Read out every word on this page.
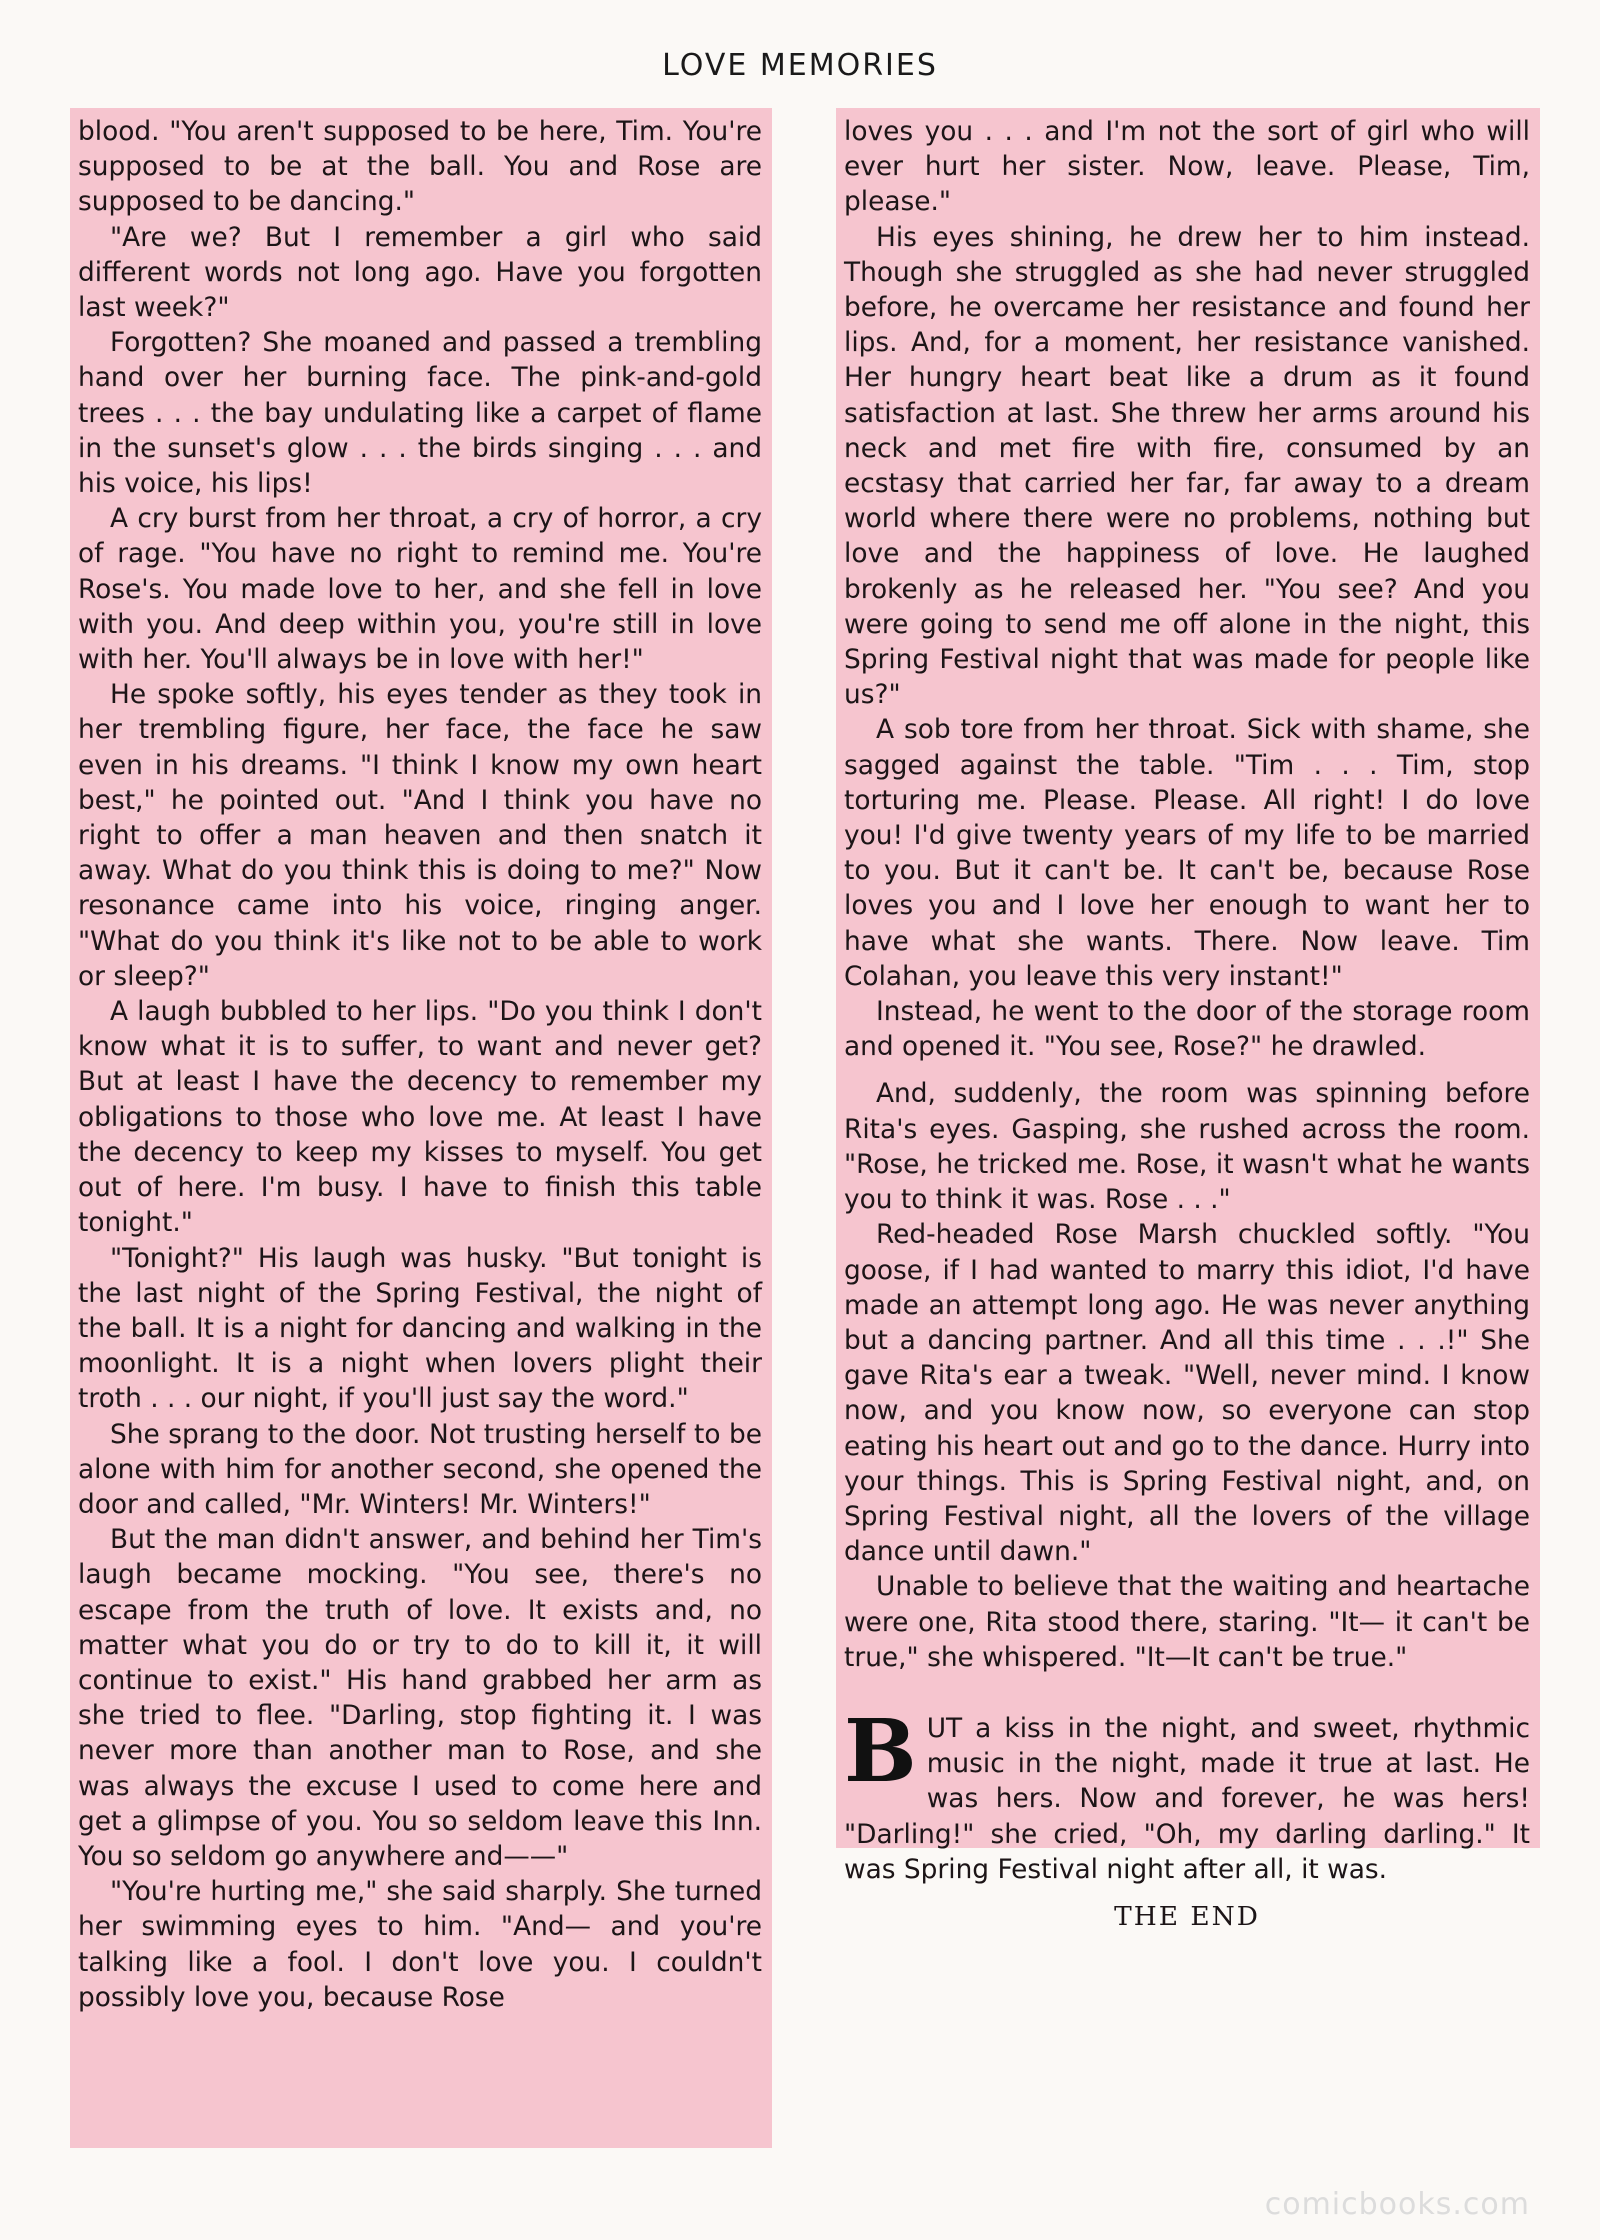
LOVE MEMORIES

blood. "You aren't supposed to be here, Tim. You're supposed to be at the ball. You and Rose are supposed to be dancing."

"Are we? But I remember a girl who said different words not long ago. Have you forgotten last week?"

Forgotten? She moaned and passed a trembling hand over her burning face. The pink-and-gold trees . . . the bay undulating like a carpet of flame in the sunset's glow . . . the birds singing . . . and his voice, his lips!

A cry burst from her throat, a cry of horror, a cry of rage. "You have no right to remind me. You're Rose's. You made love to her, and she fell in love with you. And deep within you, you're still in love with her. You'll always be in love with her!"

He spoke softly, his eyes tender as they took in her trembling figure, her face, the face he saw even in his dreams. "I think I know my own heart best," he pointed out. "And I think you have no right to offer a man heaven and then snatch it away. What do you think this is doing to me?" Now resonance came into his voice, ringing anger. "What do you think it's like not to be able to work or sleep?"

A laugh bubbled to her lips. "Do you think I don't know what it is to suffer, to want and never get? But at least I have the decency to remember my obligations to those who love me. At least I have the decency to keep my kisses to myself. You get out of here. I'm busy. I have to finish this table tonight."

"Tonight?" His laugh was husky. "But tonight is the last night of the Spring Festival, the night of the ball. It is a night for dancing and walking in the moonlight. It is a night when lovers plight their troth . . . our night, if you'll just say the word."

She sprang to the door. Not trusting herself to be alone with him for another second, she opened the door and called, "Mr. Winters! Mr. Winters!"

But the man didn't answer, and behind her Tim's laugh became mocking. "You see, there's no escape from the truth of love. It exists and, no matter what you do or try to do to kill it, it will continue to exist." His hand grabbed her arm as she tried to flee. "Darling, stop fighting it. I was never more than another man to Rose, and she was always the excuse I used to come here and get a glimpse of you. You so seldom leave this Inn. You so seldom go anywhere and——"

"You're hurting me," she said sharply. She turned her swimming eyes to him. "And— and you're talking like a fool. I don't love you. I couldn't possibly love you, because Rose

loves you . . . and I'm not the sort of girl who will ever hurt her sister. Now, leave. Please, Tim, please."

His eyes shining, he drew her to him instead. Though she struggled as she had never struggled before, he overcame her resistance and found her lips. And, for a moment, her resistance vanished. Her hungry heart beat like a drum as it found satisfaction at last. She threw her arms around his neck and met fire with fire, consumed by an ecstasy that carried her far, far away to a dream world where there were no problems, nothing but love and the happiness of love. He laughed brokenly as he released her. "You see? And you were going to send me off alone in the night, this Spring Festival night that was made for people like us?"

A sob tore from her throat. Sick with shame, she sagged against the table. "Tim . . . Tim, stop torturing me. Please. Please. All right! I do love you! I'd give twenty years of my life to be married to you. But it can't be. It can't be, because Rose loves you and I love her enough to want her to have what she wants. There. Now leave. Tim Colahan, you leave this very instant!"

Instead, he went to the door of the storage room and opened it. "You see, Rose?" he drawled.

And, suddenly, the room was spinning before Rita's eyes. Gasping, she rushed across the room. "Rose, he tricked me. Rose, it wasn't what he wants you to think it was. Rose . . ."

Red-headed Rose Marsh chuckled softly. "You goose, if I had wanted to marry this idiot, I'd have made an attempt long ago. He was never anything but a dancing partner. And all this time . . .!" She gave Rita's ear a tweak. "Well, never mind. I know now, and you know now, so everyone can stop eating his heart out and go to the dance. Hurry into your things. This is Spring Festival night, and, on Spring Festival night, all the lovers of the village dance until dawn."

Unable to believe that the waiting and heartache were one, Rita stood there, staring. "It— it can't be true," she whispered. "It—It can't be true."

BUT a kiss in the night, and sweet, rhythmic music in the night, made it true at last. He was hers. Now and forever, he was hers! "Darling!" she cried, "Oh, my darling darling." It was Spring Festival night after all, it was.

THE END

comicbooks.com
